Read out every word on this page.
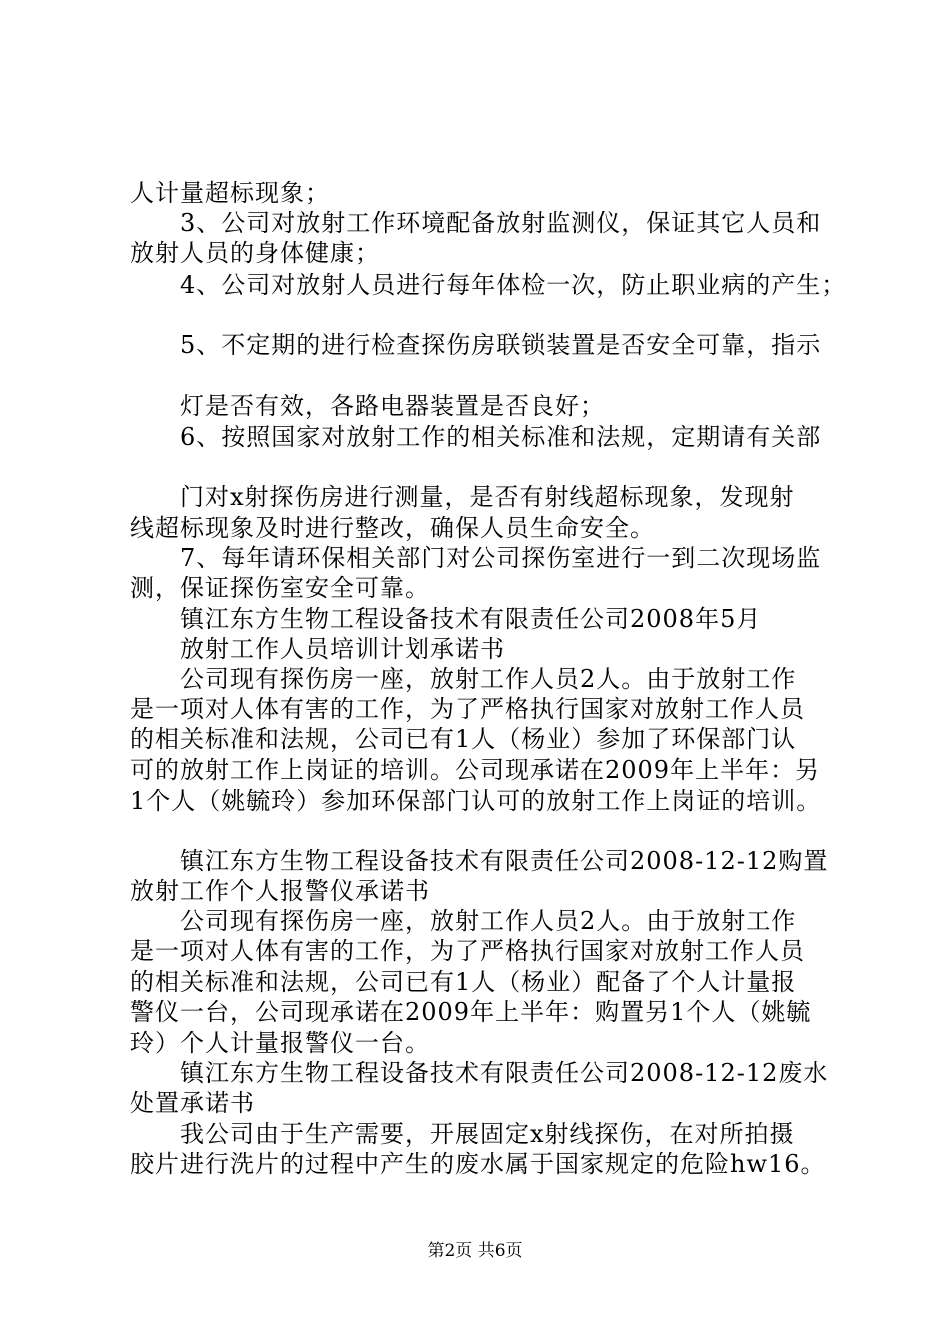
人计量超标现象；
3、公司对放射工作环境配备放射监测仪，保证其它人员和
放射人员的身体健康；
4、公司对放射人员进行每年体检一次，防止职业病的产生；
5、不定期的进行检查探伤房联锁装置是否安全可靠，指示
灯是否有效，各路电器装置是否良好；
6、按照国家对放射工作的相关标准和法规，定期请有关部
门对x射探伤房进行测量，是否有射线超标现象，发现射
线超标现象及时进行整改，确保人员生命安全。
7、每年请环保相关部门对公司探伤室进行一到二次现场监
测，保证探伤室安全可靠。
镇江东方生物工程设备技术有限责任公司2008年5月
放射工作人员培训计划承诺书
公司现有探伤房一座，放射工作人员2人。由于放射工作
是一项对人体有害的工作，为了严格执行国家对放射工作人员
的相关标准和法规，公司已有1人（杨业）参加了环保部门认
可的放射工作上岗证的培训。公司现承诺在2009年上半年：另
1个人（姚毓玲）参加环保部门认可的放射工作上岗证的培训。
镇江东方生物工程设备技术有限责任公司2008-12-12购置
放射工作个人报警仪承诺书
公司现有探伤房一座，放射工作人员2人。由于放射工作
是一项对人体有害的工作，为了严格执行国家对放射工作人员
的相关标准和法规，公司已有1人（杨业）配备了个人计量报
警仪一台，公司现承诺在2009年上半年：购置另1个人（姚毓
玲）个人计量报警仪一台。
镇江东方生物工程设备技术有限责任公司2008-12-12废水
处置承诺书
我公司由于生产需要，开展固定x射线探伤，在对所拍摄
胶片进行洗片的过程中产生的废水属于国家规定的危险hw16。
第2页 共6页
